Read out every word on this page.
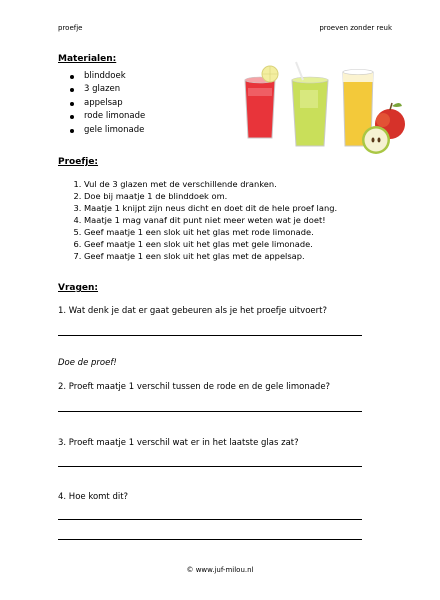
proefje	proeven zonder reuk
Materialen:
blinddoek
3 glazen
appelsap
rode limonade
gele limonade
Proefje:
1. Vul de 3 glazen met de verschillende dranken.
2. Doe bij maatje 1 de blinddoek om.
3. Maatje 1 knijpt zijn neus dicht en doet dit de hele proef lang.
4. Maatje 1 mag vanaf dit punt niet meer weten wat je doet!
5. Geef maatje 1 een slok uit het glas met rode limonade.
6. Geef maatje 1 een slok uit het glas met gele limonade.
7. Geef maatje 1 een slok uit het glas met de appelsap.
Vragen:
1. Wat denk je dat er gaat gebeuren als je het proefje uitvoert?
Doe de proef!
2. Proeft maatje 1 verschil tussen de rode en de gele limonade?
3. Proeft maatje 1 verschil wat er in het laatste glas zat?
4. Hoe komt dit?
© www.juf-milou.nl
